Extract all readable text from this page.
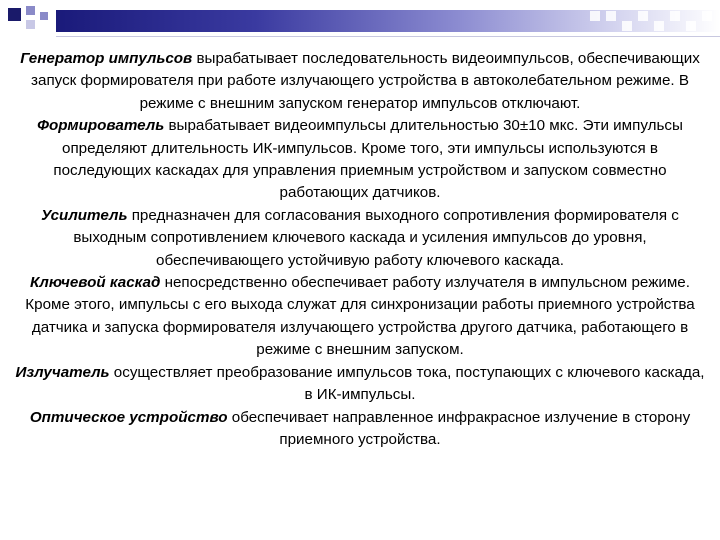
Генератор импульсов вырабатывает последовательность видеоимпульсов, обеспечивающих запуск формирователя при работе излучающего устройства в автоколебательном режиме. В режиме с внешним запуском генератор импульсов отключают.

Формирователь вырабатывает видеоимпульсы длительностью 30±10 мкс. Эти импульсы определяют длительность ИК-импульсов. Кроме того, эти импульсы используются в последующих каскадах для управления приемным устройством и запуском совместно работающих датчиков.

Усилитель предназначен для согласования выходного сопротивления формирователя с выходным сопротивлением ключевого каскада и усиления импульсов до уровня, обеспечивающего устойчивую работу ключевого каскада.

Ключевой каскад непосредственно обеспечивает работу излучателя в импульсном режиме. Кроме этого, импульсы с его выхода служат для синхронизации работы приемного устройства датчика и запуска формирователя излучающего устройства другого датчика, работающего в режиме с внешним запуском.

Излучатель осуществляет преобразование импульсов тока, поступающих с ключевого каскада, в ИК-импульсы.

Оптическое устройство обеспечивает направленное инфракрасное излучение в сторону приемного устройства.
